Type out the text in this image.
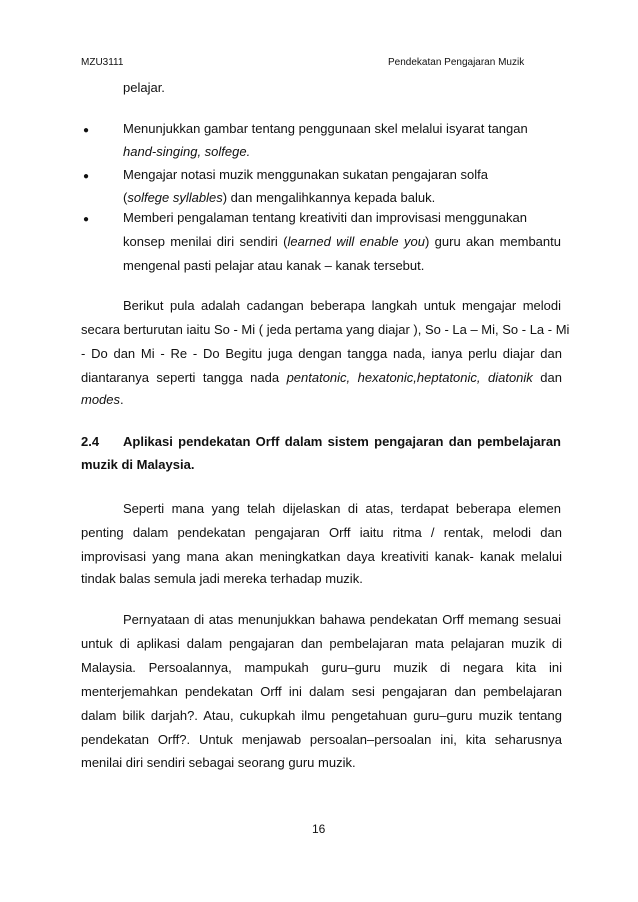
MZU3111	Pendekatan Pengajaran Muzik
pelajar.
●	Menunjukkan gambar tentang penggunaan skel melalui isyarat tangan
hand-singing, solfege.
●	Mengajar notasi muzik menggunakan sukatan pengajaran solfa
(solfege syllables) dan mengalihkannya kepada baluk.
●	Memberi pengalaman tentang kreativiti dan improvisasi menggunakan
konsep menilai diri sendiri (learned will enable you) guru akan membantu
mengenal pasti pelajar atau kanak – kanak tersebut.
Berikut pula adalah cadangan beberapa langkah untuk mengajar melodi
secara berturutan iaitu So - Mi ( jeda pertama yang diajar ), So - La – Mi, So - La - Mi
- Do dan Mi - Re - Do Begitu juga dengan tangga nada, ianya perlu diajar dan
diantaranya seperti tangga nada pentatonic, hexatonic,heptatonic, diatonik dan
modes.
2.4 Aplikasi pendekatan Orff dalam sistem pengajaran dan pembelajaran
muzik di Malaysia.
Seperti mana yang telah dijelaskan di atas, terdapat beberapa elemen
penting dalam pendekatan pengajaran Orff iaitu ritma / rentak, melodi dan
improvisasi yang mana akan meningkatkan daya kreativiti kanak- kanak melalui
tindak balas semula jadi mereka terhadap muzik.
Pernyataan di atas menunjukkan bahawa pendekatan Orff memang sesuai
untuk di aplikasi dalam pengajaran dan pembelajaran mata pelajaran muzik di
Malaysia. Persoalannya, mampukah guru–guru muzik di negara kita ini
menterjemahkan pendekatan Orff ini dalam sesi pengajaran dan pembelajaran
dalam bilik darjah?. Atau, cukupkah ilmu pengetahuan guru–guru muzik tentang
pendekatan Orff?. Untuk menjawab persoalan–persoalan ini, kita seharusnya
menilai diri sendiri sebagai seorang guru muzik.
16
